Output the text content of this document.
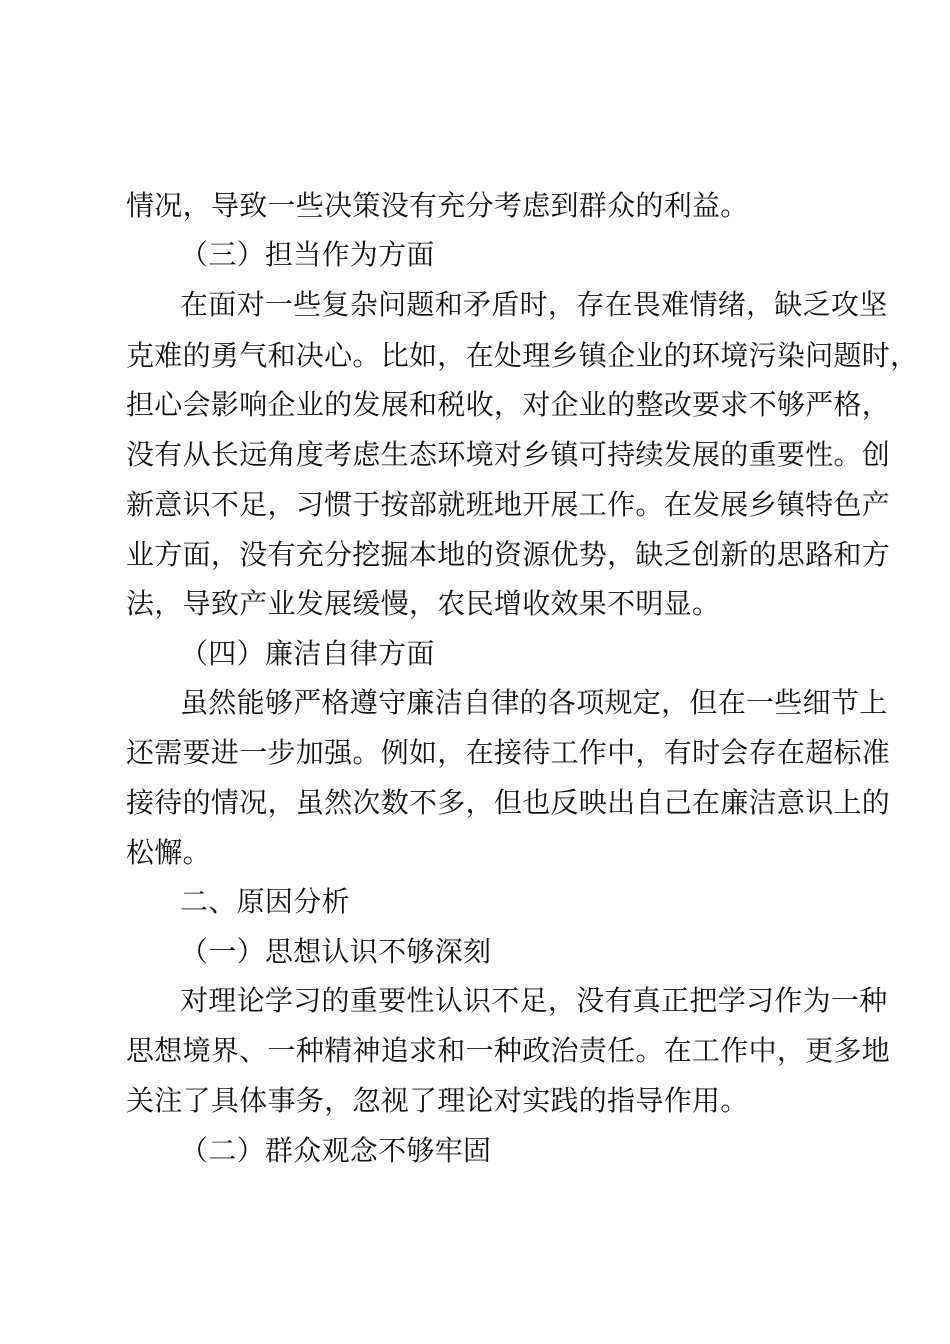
情况，导致一些决策没有充分考虑到群众的利益。
（三）担当作为方面
在面对一些复杂问题和矛盾时，存在畏难情绪，缺乏攻坚
克难的勇气和决心。比如，在处理乡镇企业的环境污染问题时，
担心会影响企业的发展和税收，对企业的整改要求不够严格，
没有从长远角度考虑生态环境对乡镇可持续发展的重要性。创
新意识不足，习惯于按部就班地开展工作。在发展乡镇特色产
业方面，没有充分挖掘本地的资源优势，缺乏创新的思路和方
法，导致产业发展缓慢，农民增收效果不明显。
（四）廉洁自律方面
虽然能够严格遵守廉洁自律的各项规定，但在一些细节上
还需要进一步加强。例如，在接待工作中，有时会存在超标准
接待的情况，虽然次数不多，但也反映出自己在廉洁意识上的
松懈。
二、原因分析
（一）思想认识不够深刻
对理论学习的重要性认识不足，没有真正把学习作为一种
思想境界、一种精神追求和一种政治责任。在工作中，更多地
关注了具体事务，忽视了理论对实践的指导作用。
（二）群众观念不够牢固
